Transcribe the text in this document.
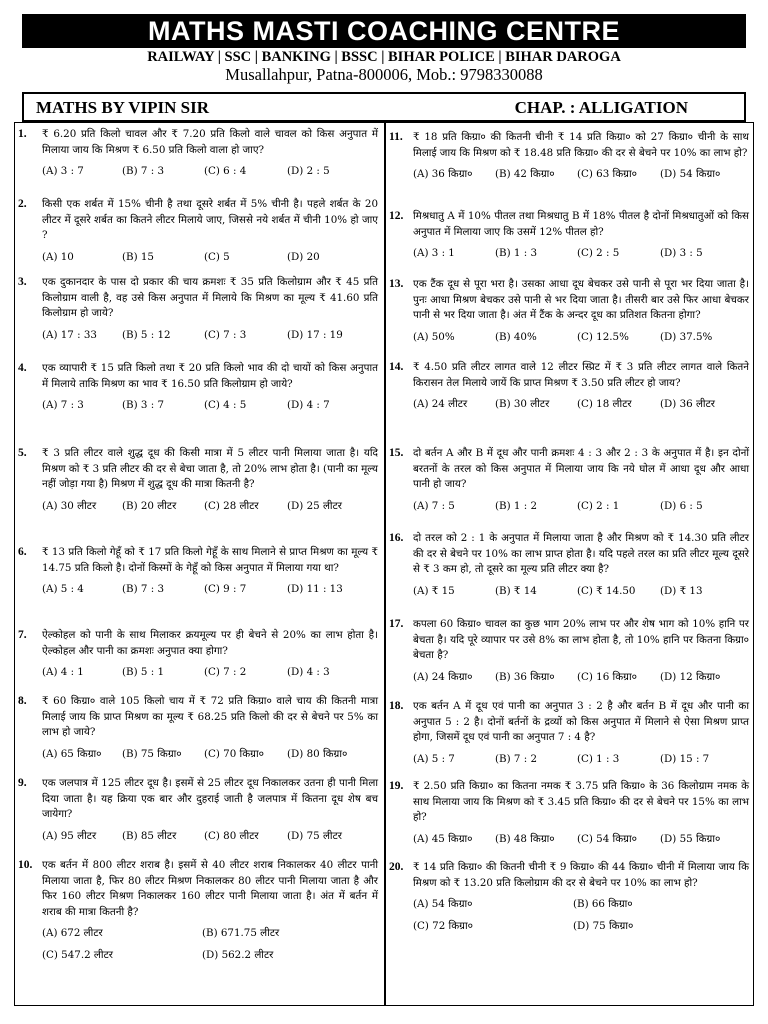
MATHS MASTI COACHING CENTRE
RAILWAY | SSC | BANKING | BSSC | BIHAR POLICE | BIHAR DAROGA
Musallahpur, Patna-800006, Mob.: 9798330088
MATHS BY VIPIN SIR	CHAP. : ALLIGATION
1. ₹ 6.20 प्रति किलो चावल और ₹ 7.20 प्रति किलो वाले चावल को किस अनुपात में मिलाया जाय कि मिश्रण ₹ 6.50 प्रति किलो वाला हो जाए?
(A) 3 : 7	(B) 7 : 3	(C) 6 : 4	(D) 2 : 5
2. किसी एक शर्बत में 15% चीनी है तथा दूसरे शर्बत में 5% चीनी है। पहले शर्बत के 20 लीटर में दूसरे शर्बत का कितने लीटर मिलाये जाए, जिससे नये शर्बत में चीनी 10% हो जाए ?
(A) 10	(B) 15	(C) 5	(D) 20
3. एक दुकानदार के पास दो प्रकार की चाय क्रमशः ₹ 35 प्रति किलोग्राम और ₹ 45 प्रति किलोग्राम वाली है, वह उसे किस अनुपात में मिलाये कि मिश्रण का मूल्य ₹ 41.60 प्रति किलोग्राम हो जाये?
(A) 17 : 33 (B) 5 : 12	(C) 7 : 3	(D) 17 : 19
4. एक व्यापारी ₹ 15 प्रति किलो तथा ₹ 20 प्रति किलो भाव की दो चायों को किस अनुपात में मिलाये ताकि मिश्रण का भाव ₹ 16.50 प्रति किलोग्राम हो जाये?
(A) 7 : 3	(B) 3 : 7	(C) 4 : 5	(D) 4 : 7
5. ₹ 3 प्रति लीटर वाले शुद्ध दूध की किसी मात्रा में 5 लीटर पानी मिलाया जाता है। यदि मिश्रण को ₹ 3 प्रति लीटर की दर से बेचा जाता है, तो 20% लाभ होता है। (पानी का मूल्य नहीं जोड़ा गया है) मिश्रण में शुद्ध दूध की मात्रा कितनी है?
(A) 30 लीटर	(B) 20 लीटर	(C) 28 लीटर	(D) 25 लीटर
6. ₹ 13 प्रति किलो गेहूँ को ₹ 17 प्रति किलो गेहूँ के साथ मिलाने से प्राप्त मिश्रण का मूल्य ₹ 14.75 प्रति किलो है। दोनों किस्मों के गेहूँ को किस अनुपात में मिलाया गया था?
(A) 5 : 4	(B) 7 : 3	(C) 9 : 7	(D) 11 : 13
7. ऐल्कोहल को पानी के साथ मिलाकर क्रयमूल्य पर ही बेचने से 20% का लाभ होता है। ऐल्कोहल और पानी का क्रमशः अनुपात क्या होगा?
(A) 4 : 1	(B) 5 : 1	(C) 7 : 2	(D) 4 : 3
8. ₹ 60 किग्रा० वाले 105 किलो चाय में ₹ 72 प्रति किग्रा० वाले चाय की कितनी मात्रा मिलाई जाय कि प्राप्त मिश्रण का मूल्य ₹ 68.25 प्रति किलो की दर से बेचने पर 5% का लाभ हो जाये?
(A) 65 किग्रा० (B) 75 किग्रा० (C) 70 किग्रा० (D) 80 किग्रा०
9. एक जलपात्र में 125 लीटर दूध है। इसमें से 25 लीटर दूध निकालकर उतना ही पानी मिला दिया जाता है। यह क्रिया एक बार और दुहराई जाती है जलपात्र में कितना दूध शेष बच जायेगा?
(A) 95 लीटर	(B) 85 लीटर	(C) 80 लीटर	(D) 75 लीटर
10. एक बर्तन में 800 लीटर शराब है। इसमें से 40 लीटर शराब निकालकर 40 लीटर पानी मिलाया जाता है, फिर 80 लीटर मिश्रण निकालकर 80 लीटर पानी मिलाया जाता है और फिर 160 लीटर मिश्रण निकालकर 160 लीटर पानी मिलाया जाता है। अंत में बर्तन में शराब की मात्रा कितनी है?
(A) 672 लीटर	(B) 671.75 लीटर
(C) 547.2 लीटर	(D) 562.2 लीटर
11. ₹ 18 प्रति किग्रा० की कितनी चीनी ₹ 14 प्रति किग्रा० को 27 किग्रा० चीनी के साथ मिलाई जाय कि मिश्रण को ₹ 18.48 प्रति किग्रा० की दर से बेचने पर 10% का लाभ हो?
(A) 36 किग्रा० (B) 42 किग्रा० (C) 63 किग्रा० (D) 54 किग्रा०
12. मिश्रधातु A में 10% पीतल तथा मिश्रधातु B में 18% पीतल है दोनों मिश्रधातुओं को किस अनुपात में मिलाया जाए कि उसमें 12% पीतल हो?
(A) 3 : 1	(B) 1 : 3	(C) 2 : 5	(D) 3 : 5
13. एक टैंक दूध से पूरा भरा है। उसका आधा दूध बेचकर उसे पानी से पूरा भर दिया जाता है। पुनः आधा मिश्रण बेचकर उसे पानी से भर दिया जाता है। तीसरी बार उसे फिर आधा बेचकर पानी से भर दिया जाता है। अंत में टैंक के अन्दर दूध का प्रतिशत कितना होगा?
(A) 50%	(B) 40%	(C) 12.5%	(D) 37.5%
14. ₹ 4.50 प्रति लीटर लागत वाले 12 लीटर स्प्रिट में ₹ 3 प्रति लीटर लागत वाले कितने किरासन तेल मिलाये जायें कि प्राप्त मिश्रण ₹ 3.50 प्रति लीटर हो जाय?
(A) 24 लीटर	(B) 30 लीटर	(C) 18 लीटर	(D) 36 लीटर
15. दो बर्तन A और B में दूध और पानी क्रमशः 4 : 3 और 2 : 3 के अनुपात में है। इन दोनों बरतनों के तरल को किस अनुपात में मिलाया जाय कि नये घोल में आधा दूध और आधा पानी हो जाय?
(A) 7 : 5	(B) 1 : 2	(C) 2 : 1	(D) 6 : 5
16. दो तरल को 2 : 1 के अनुपात में मिलाया जाता है और मिश्रण को ₹ 14.30 प्रति लीटर की दर से बेचने पर 10% का लाभ प्राप्त होता है। यदि पहले तरल का प्रति लीटर मूल्य दूसरे से ₹ 3 कम हो, तो दूसरे का मूल्य प्रति लीटर क्या है?
(A) ₹ 15	(B) ₹ 14	(C) ₹ 14.50 (D) ₹ 13
17. कपला 60 किग्रा० चावल का कुछ भाग 20% लाभ पर और शेष भाग को 10% हानि पर बेचता है। यदि पूरे व्यापार पर उसे 8% का लाभ होता है, तो 10% हानि पर कितना किग्रा० बेचता है?
(A) 24 किग्रा० (B) 36 किग्रा० (C) 16 किग्रा० (D) 12 किग्रा०
18. एक बर्तन A में दूध एवं पानी का अनुपात 3 : 2 है और बर्तन B में दूध और पानी का अनुपात 5 : 2 है। दोनों बर्तनों के द्रव्यों को किस अनुपात में मिलाने से ऐसा मिश्रण प्राप्त होगा, जिसमें दूध एवं पानी का अनुपात 7 : 4 है?
(A) 5 : 7	(B) 7 : 2	(C) 1 : 3	(D) 15 : 7
19. ₹ 2.50 प्रति किग्रा० का कितना नमक ₹ 3.75 प्रति किग्रा० के 36 किलोग्राम नमक के साथ मिलाया जाय कि मिश्रण को ₹ 3.45 प्रति किग्रा० की दर से बेचने पर 15% का लाभ हो?
(A) 45 किग्रा० (B) 48 किग्रा० (C) 54 किग्रा० (D) 55 किग्रा०
20. ₹ 14 प्रति किग्रा० की कितनी चीनी ₹ 9 किग्रा० की 44 किग्रा० चीनी में मिलाया जाय कि मिश्रण को ₹ 13.20 प्रति किलोग्राम की दर से बेचने पर 10% का लाभ हो?
(A) 54 किग्रा०	(B) 66 किग्रा०
(C) 72 किग्रा०	(D) 75 किग्रा०
